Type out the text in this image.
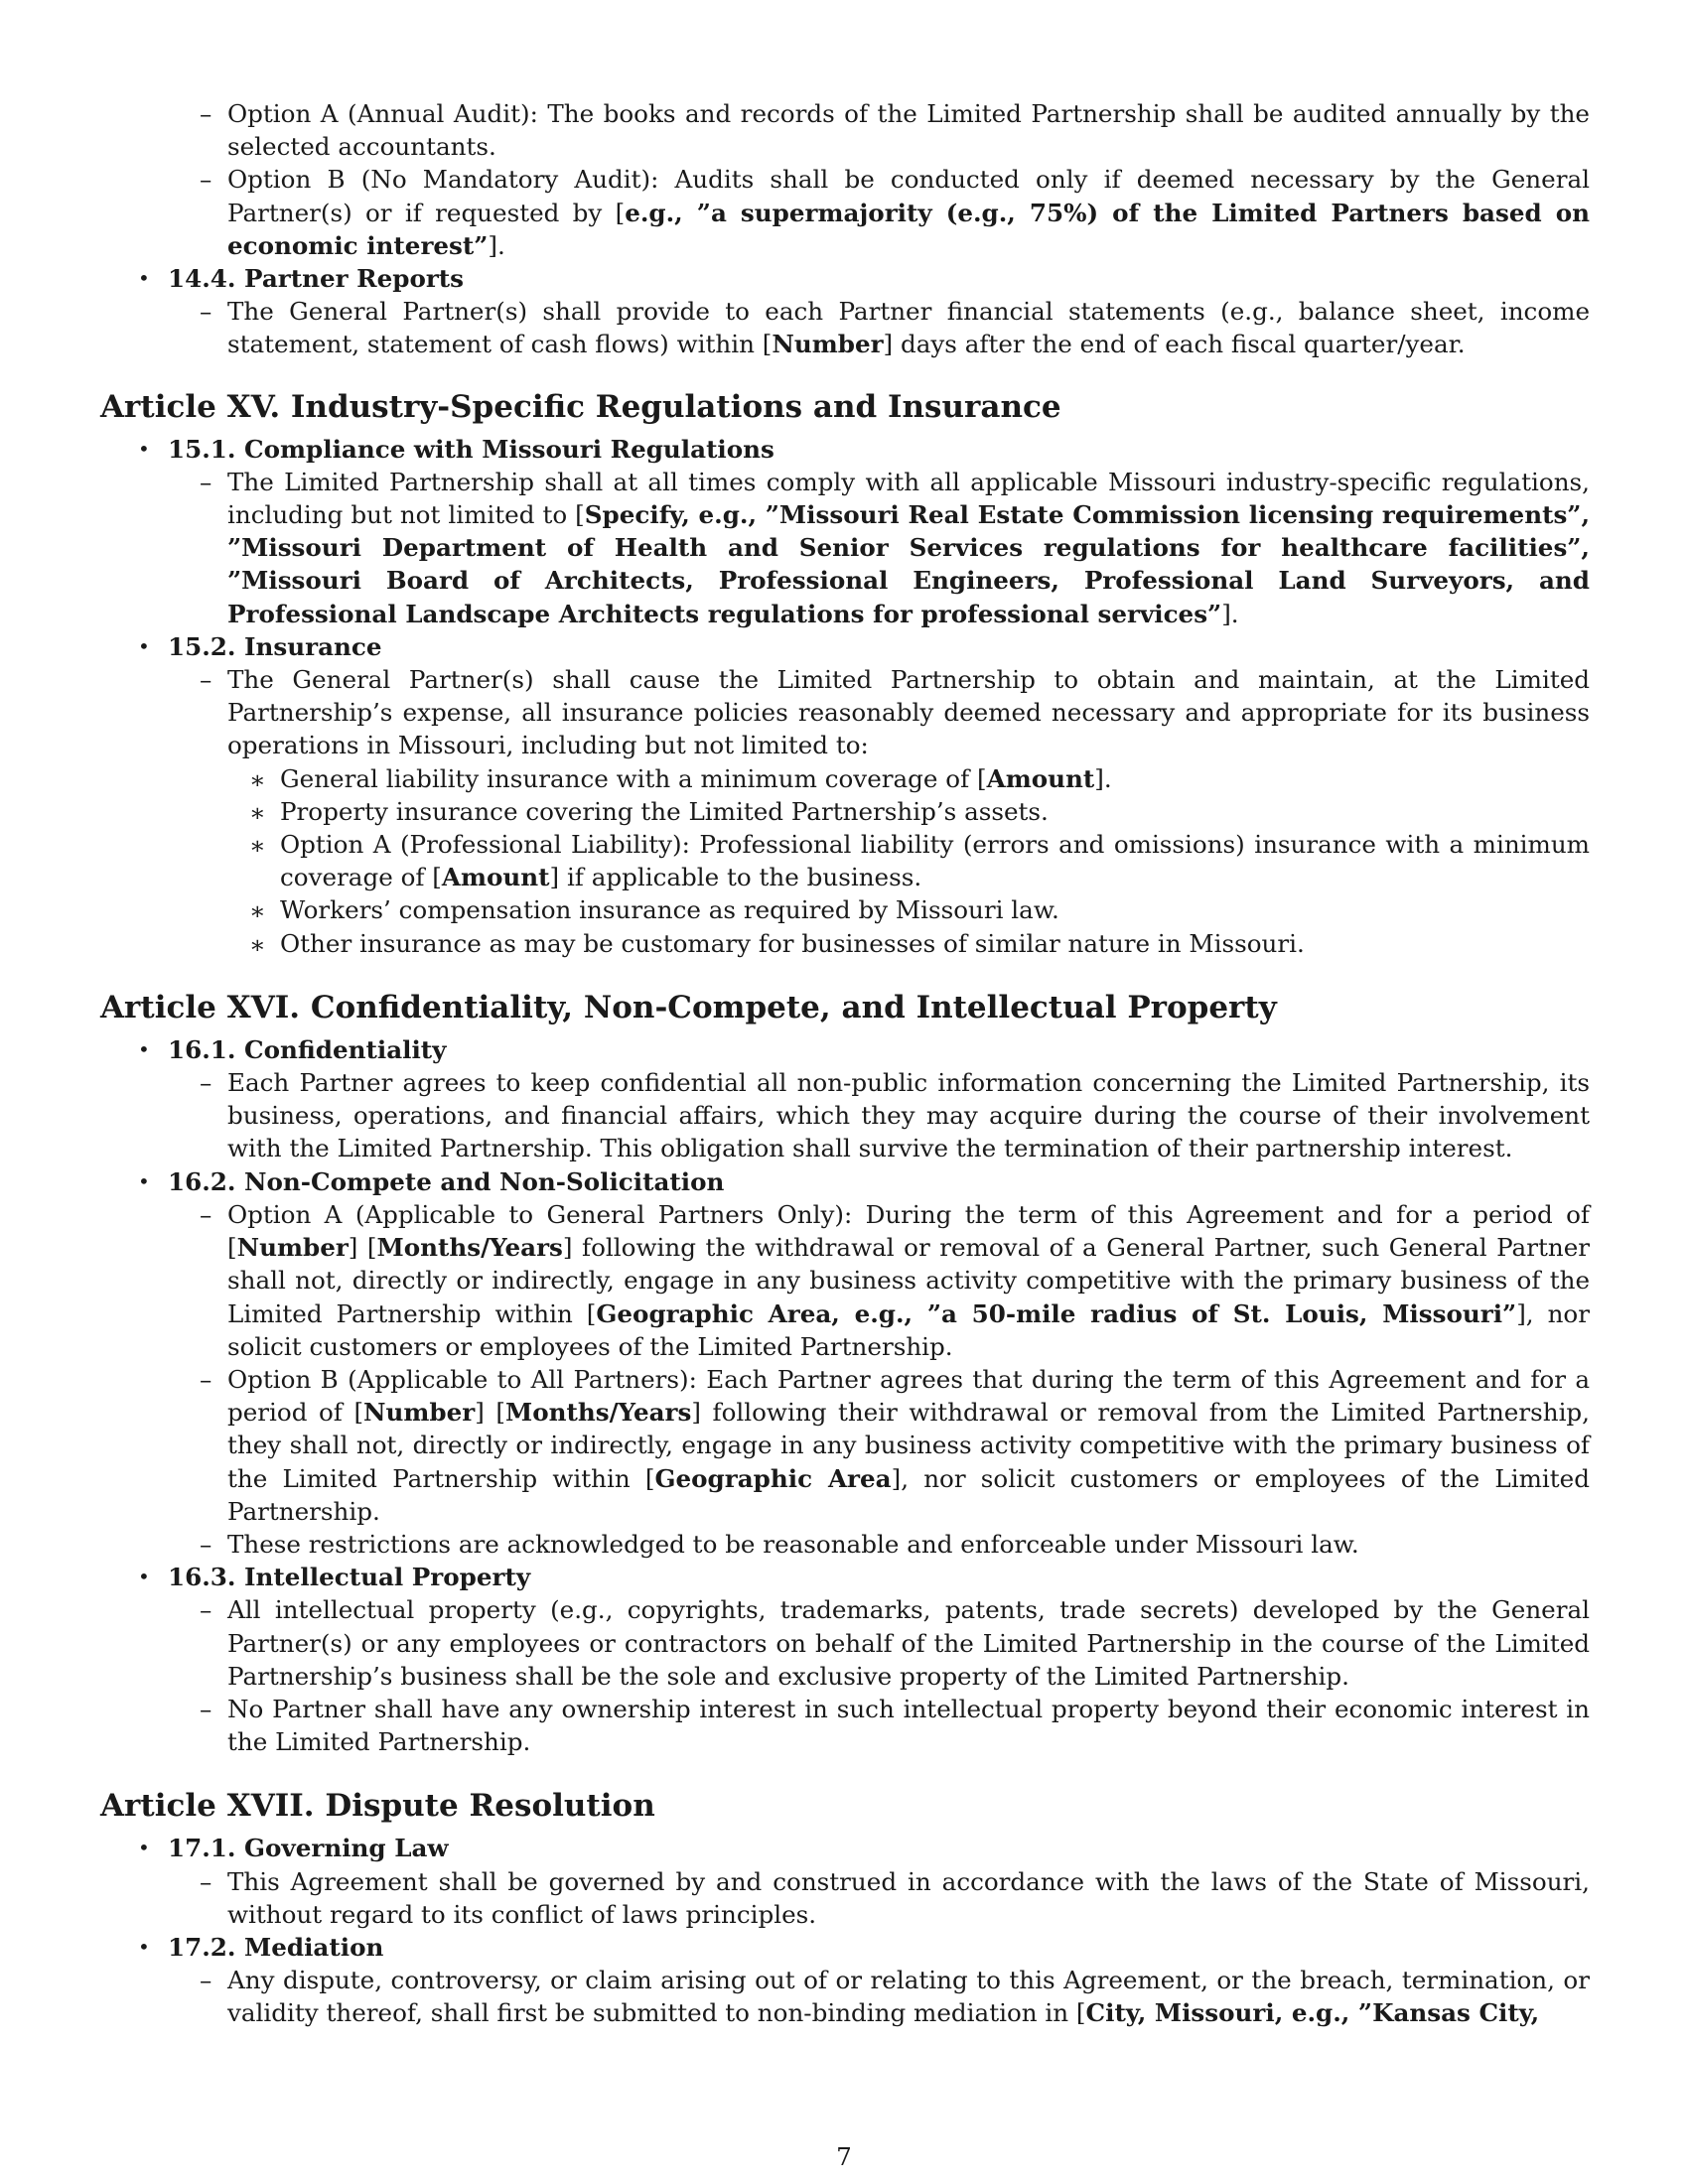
– Option A (Annual Audit): The books and records of the Limited Partnership shall be audited annually by the selected accountants.
– Option B (No Mandatory Audit): Audits shall be conducted only if deemed necessary by the General Partner(s) or if requested by [e.g., ”a supermajority (e.g., 75%) of the Limited Partners based on economic interest”].
• 14.4. Partner Reports
– The General Partner(s) shall provide to each Partner financial statements (e.g., balance sheet, income statement, statement of cash flows) within [Number] days after the end of each fiscal quarter/year.
Article XV. Industry-Specific Regulations and Insurance
• 15.1. Compliance with Missouri Regulations
– The Limited Partnership shall at all times comply with all applicable Missouri industry-specific regulations, including but not limited to [Specify, e.g., ”Missouri Real Estate Commission licensing requirements”, ”Missouri Department of Health and Senior Services regulations for healthcare facilities”, ”Missouri Board of Architects, Professional Engineers, Professional Land Surveyors, and Professional Landscape Architects regulations for professional services”].
• 15.2. Insurance
– The General Partner(s) shall cause the Limited Partnership to obtain and maintain, at the Limited Partnership’s expense, all insurance policies reasonably deemed necessary and appropriate for its business operations in Missouri, including but not limited to:
∗ General liability insurance with a minimum coverage of [Amount].
∗ Property insurance covering the Limited Partnership’s assets.
∗ Option A (Professional Liability): Professional liability (errors and omissions) insurance with a minimum coverage of [Amount] if applicable to the business.
∗ Workers’ compensation insurance as required by Missouri law.
∗ Other insurance as may be customary for businesses of similar nature in Missouri.
Article XVI. Confidentiality, Non-Compete, and Intellectual Property
• 16.1. Confidentiality
– Each Partner agrees to keep confidential all non-public information concerning the Limited Partnership, its business, operations, and financial affairs, which they may acquire during the course of their involvement with the Limited Partnership. This obligation shall survive the termination of their partnership interest.
• 16.2. Non-Compete and Non-Solicitation
– Option A (Applicable to General Partners Only): During the term of this Agreement and for a period of [Number] [Months/Years] following the withdrawal or removal of a General Partner, such General Partner shall not, directly or indirectly, engage in any business activity competitive with the primary business of the Limited Partnership within [Geographic Area, e.g., ”a 50-mile radius of St. Louis, Missouri”], nor solicit customers or employees of the Limited Partnership.
– Option B (Applicable to All Partners): Each Partner agrees that during the term of this Agreement and for a period of [Number] [Months/Years] following their withdrawal or removal from the Limited Partnership, they shall not, directly or indirectly, engage in any business activity competitive with the primary business of the Limited Partnership within [Geographic Area], nor solicit customers or employees of the Limited Partnership.
– These restrictions are acknowledged to be reasonable and enforceable under Missouri law.
• 16.3. Intellectual Property
– All intellectual property (e.g., copyrights, trademarks, patents, trade secrets) developed by the General Partner(s) or any employees or contractors on behalf of the Limited Partnership in the course of the Limited Partnership’s business shall be the sole and exclusive property of the Limited Partnership.
– No Partner shall have any ownership interest in such intellectual property beyond their economic interest in the Limited Partnership.
Article XVII. Dispute Resolution
• 17.1. Governing Law
– This Agreement shall be governed by and construed in accordance with the laws of the State of Missouri, without regard to its conflict of laws principles.
• 17.2. Mediation
– Any dispute, controversy, or claim arising out of or relating to this Agreement, or the breach, termination, or validity thereof, shall first be submitted to non-binding mediation in [City, Missouri, e.g., ”Kansas City,
7
